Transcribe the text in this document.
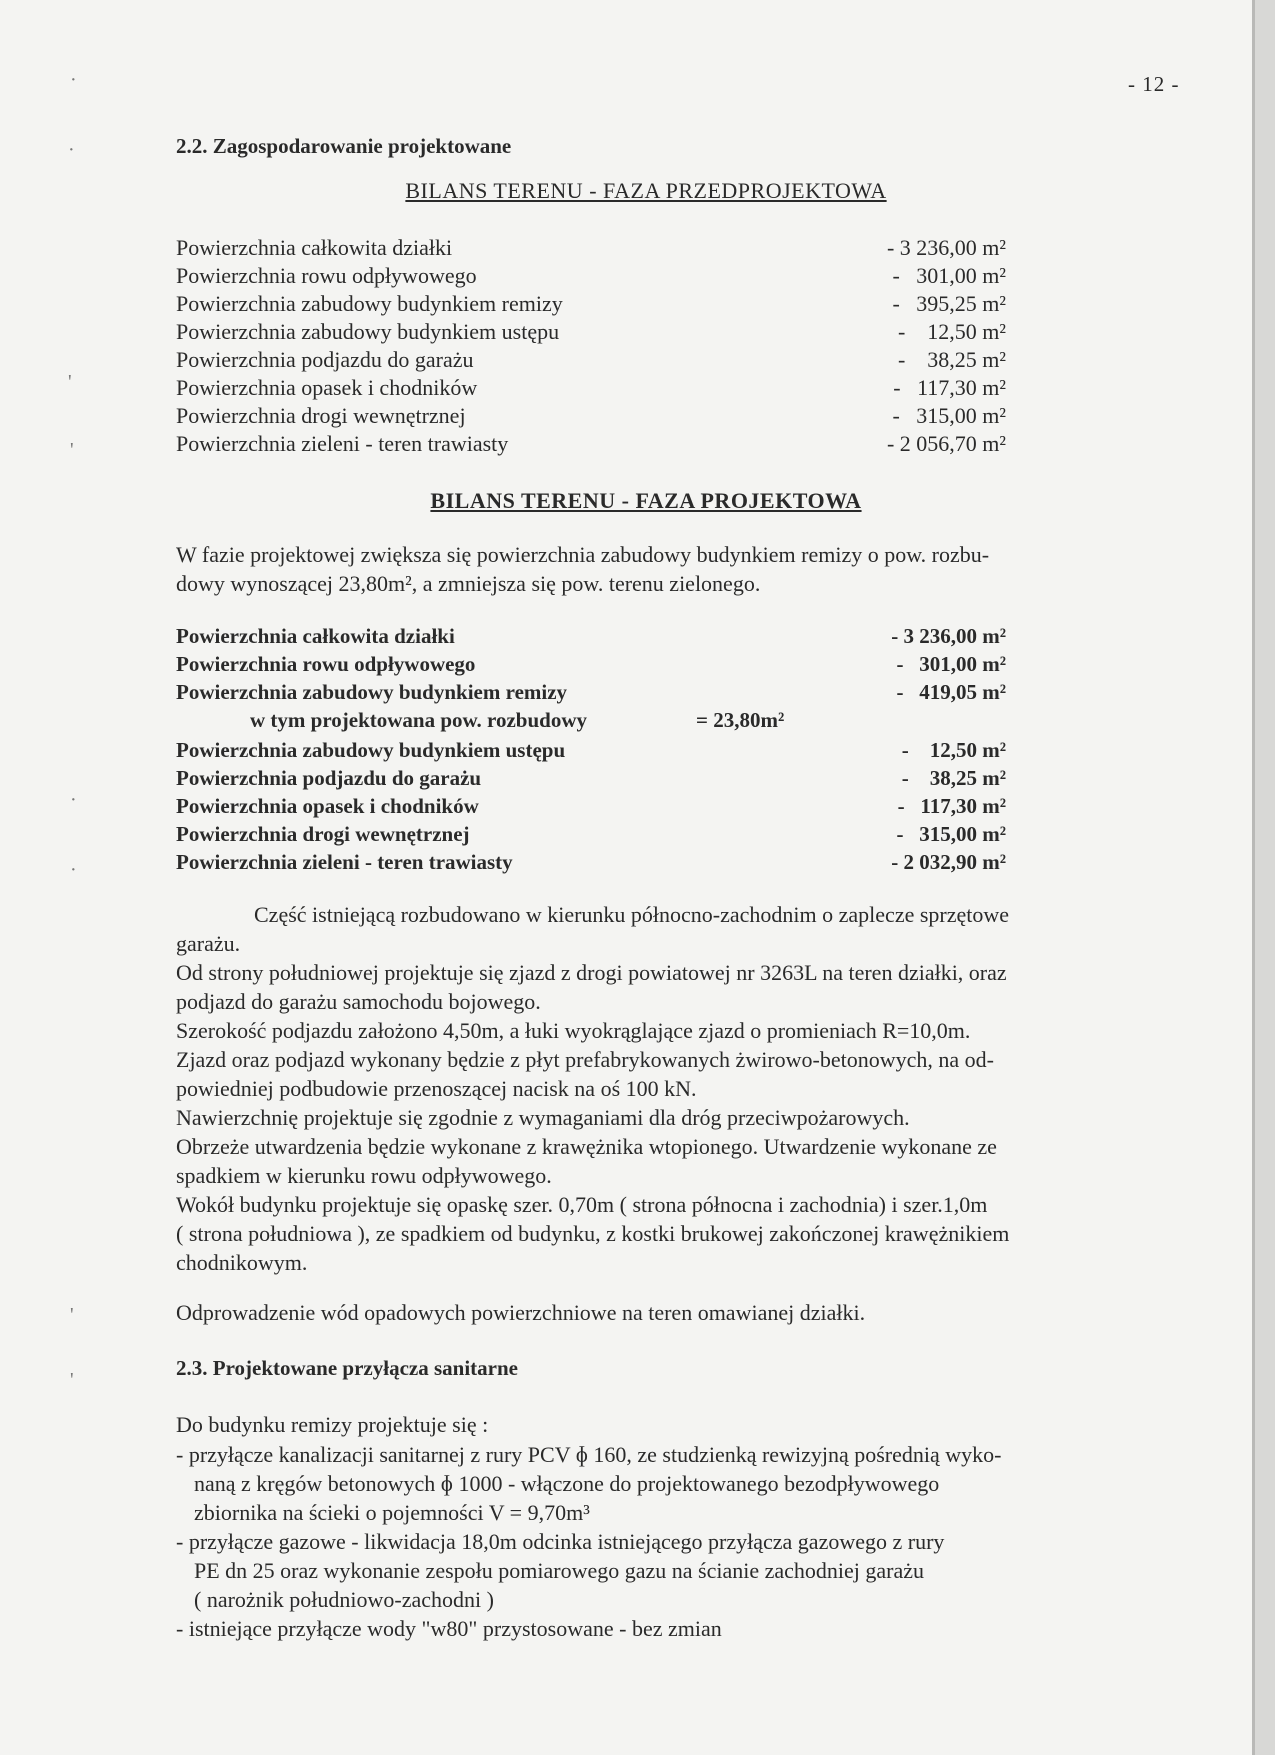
·
·
'
'
·
·
'
'
- 12 -
2.2. Zagospodarowanie projektowane
BILANS TERENU - FAZA PRZEDPROJEKTOWA
Powierzchnia całkowita działki	- 3 236,00 m²
Powierzchnia rowu odpływowego	-   301,00 m²
Powierzchnia zabudowy budynkiem remizy	-   395,25 m²
Powierzchnia zabudowy budynkiem ustępu	-    12,50 m²
Powierzchnia podjazdu do garażu	-    38,25 m²
Powierzchnia opasek i chodników	-   117,30 m²
Powierzchnia drogi wewnętrznej	-   315,00 m²
Powierzchnia zieleni - teren trawiasty	- 2 056,70 m²
BILANS TERENU - FAZA PROJEKTOWA

W fazie projektowej zwiększa się powierzchnia zabudowy budynkiem remizy o pow. rozbu-

dowy wynoszącej 23,80m², a zmniejsza się pow. terenu zielonego.

Powierzchnia całkowita działki	- 3 236,00 m²
Powierzchnia rowu odpływowego	-   301,00 m²
Powierzchnia zabudowy budynkiem remizy	-   419,05 m²
w tym projektowana pow. rozbudowy	= 23,80m²
Powierzchnia zabudowy budynkiem ustępu	-    12,50 m²
Powierzchnia podjazdu do garażu	-    38,25 m²
Powierzchnia opasek i chodników	-   117,30 m²
Powierzchnia drogi wewnętrznej	-   315,00 m²
Powierzchnia zieleni - teren trawiasty	- 2 032,90 m²

Część istniejącą rozbudowano w kierunku północno-zachodnim o zaplecze sprzętowe

garażu.

Od strony południowej projektuje się zjazd z drogi powiatowej nr 3263L na teren działki, oraz

podjazd do garażu samochodu bojowego.

Szerokość podjazdu założono 4,50m, a łuki wyokrąglające zjazd o promieniach R=10,0m.

Zjazd oraz podjazd wykonany będzie z płyt prefabrykowanych żwirowo-betonowych, na od-

powiedniej podbudowie przenoszącej nacisk na oś 100 kN.

Nawierzchnię projektuje się zgodnie z wymaganiami dla dróg przeciwpożarowych.

Obrzeże utwardzenia będzie wykonane z krawężnika wtopionego. Utwardzenie wykonane ze

spadkiem w kierunku rowu odpływowego.

Wokół budynku projektuje się opaskę szer. 0,70m ( strona północna i zachodnia) i szer.1,0m

( strona południowa ), ze spadkiem od budynku, z kostki brukowej zakończonej krawężnikiem

chodnikowym.

Odprowadzenie wód opadowych powierzchniowe na teren omawianej działki.

2.3. Projektowane przyłącza sanitarne

Do budynku remizy projektuje się :

- przyłącze kanalizacji sanitarnej z rury PCV ɸ 160, ze studzienką rewizyjną pośrednią wyko-

naną z kręgów betonowych ɸ 1000 - włączone do projektowanego bezodpływowego

zbiornika na ścieki o pojemności V = 9,70m³

- przyłącze gazowe - likwidacja 18,0m odcinka istniejącego przyłącza gazowego z rury

PE dn 25 oraz wykonanie zespołu pomiarowego gazu na ścianie zachodniej garażu

( narożnik południowo-zachodni )

- istniejące przyłącze wody "w80" przystosowane - bez zmian
